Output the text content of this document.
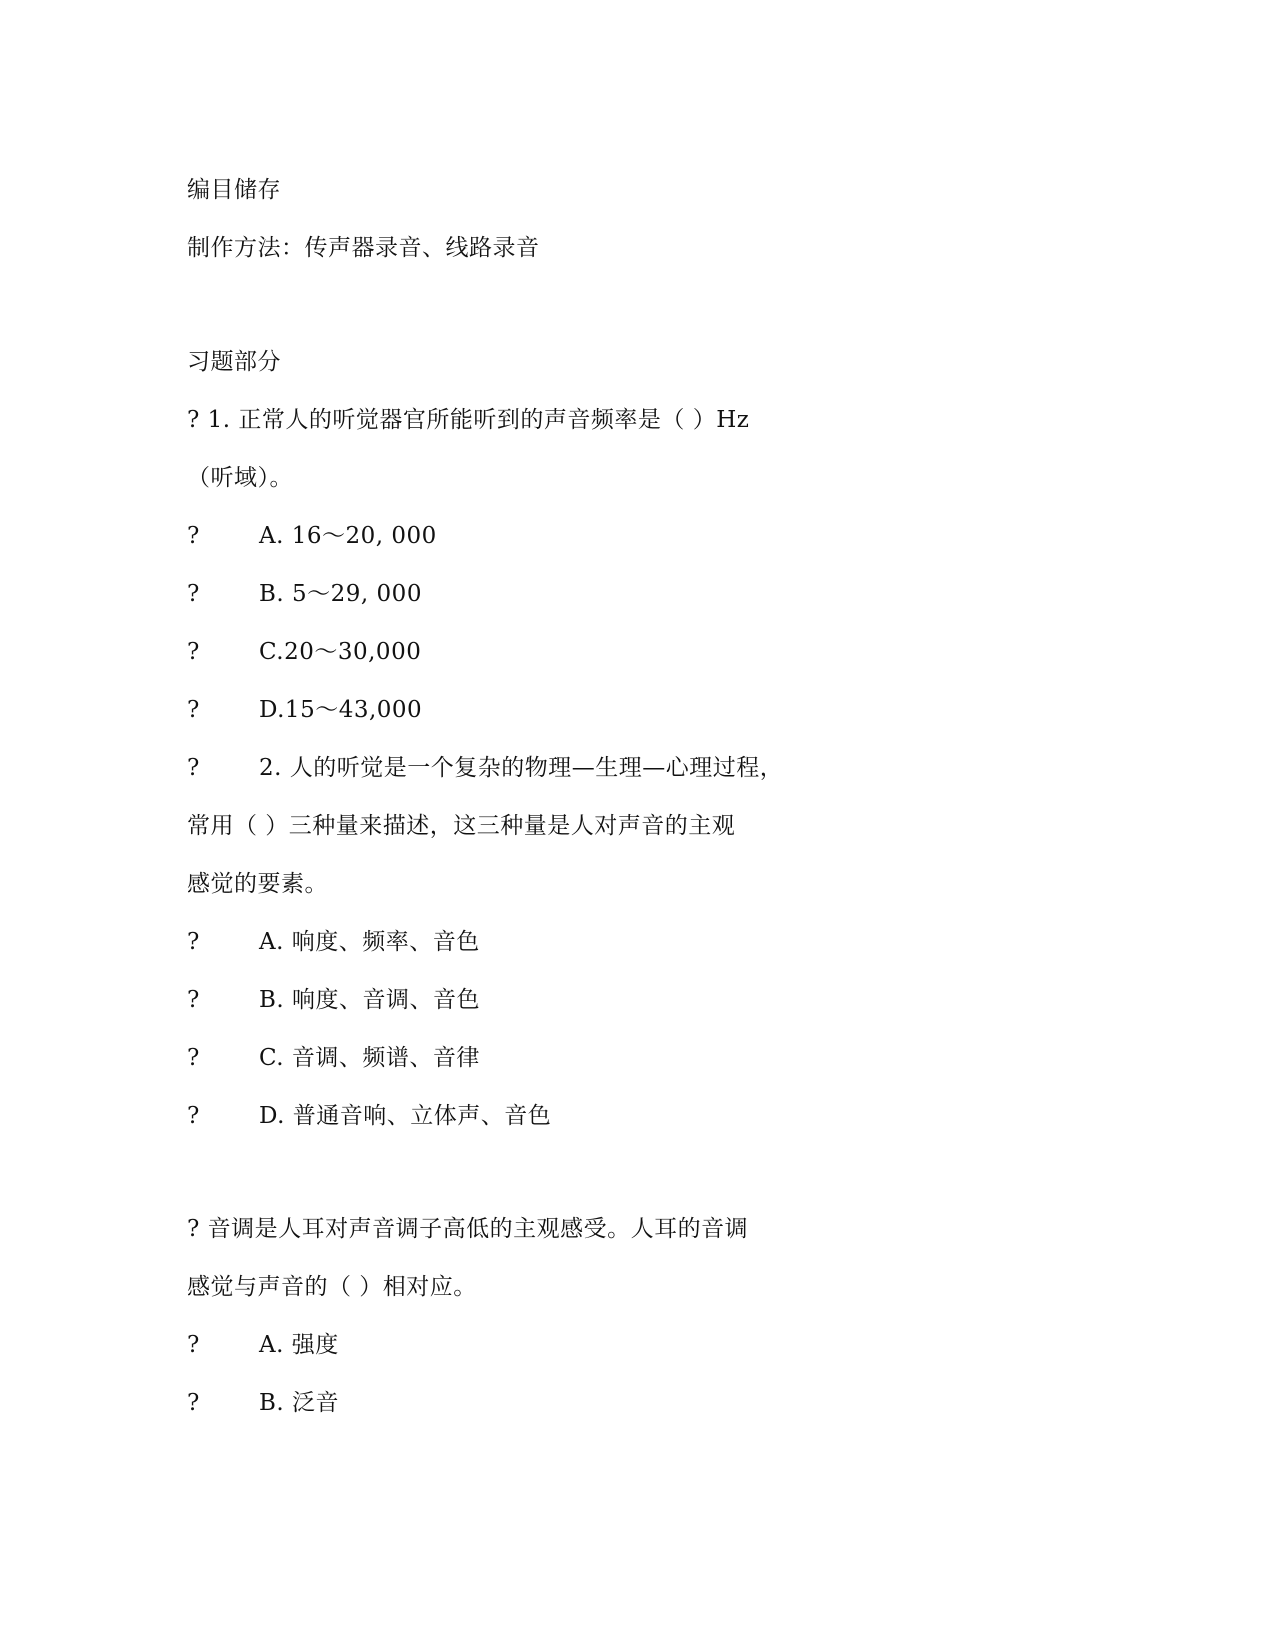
编目储存
制作方法：传声器录音、线路录音
习题部分
? 1. 正常人的听觉器官所能听到的声音频率是（ ）Hz
（听域）。
?	A. 16～20, 000
?	B. 5～29, 000
?	C.20～30,000
?	D.15～43,000
?	2. 人的听觉是一个复杂的物理—生理—心理过程，
常用（ ）三种量来描述，这三种量是人对声音的主观
感觉的要素。
?	A. 响度、频率、音色
?	B. 响度、音调、音色
?	C. 音调、频谱、音律
?	D. 普通音响、立体声、音色
? 音调是人耳对声音调子高低的主观感受。人耳的音调
感觉与声音的（ ）相对应。
?	A. 强度
?	B. 泛音
